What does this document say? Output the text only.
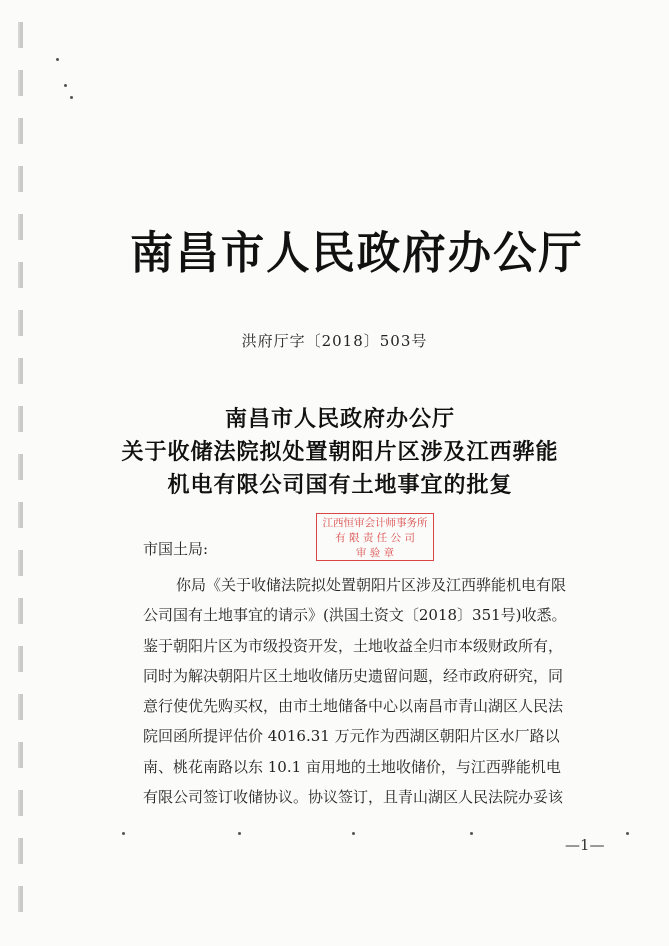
南昌市人民政府办公厅
洪府厅字〔2018〕503号
南昌市人民政府办公厅
关于收储法院拟处置朝阳片区涉及江西骅能
机电有限公司国有土地事宜的批复
江西恒审会计师事务所
有 限 责 任 公 司
审 验 章
市国土局:
你局《关于收储法院拟处置朝阳片区涉及江西骅能机电有限
公司国有土地事宜的请示》(洪国土资文〔2018〕351号)收悉。
鉴于朝阳片区为市级投资开发，土地收益全归市本级财政所有，
同时为解决朝阳片区土地收储历史遗留问题，经市政府研究，同
意行使优先购买权，由市土地储备中心以南昌市青山湖区人民法
院回函所提评估价 4016.31 万元作为西湖区朝阳片区水厂路以
南、桃花南路以东 10.1 亩用地的土地收储价，与江西骅能机电
有限公司签订收储协议。协议签订，且青山湖区人民法院办妥该
—1—
